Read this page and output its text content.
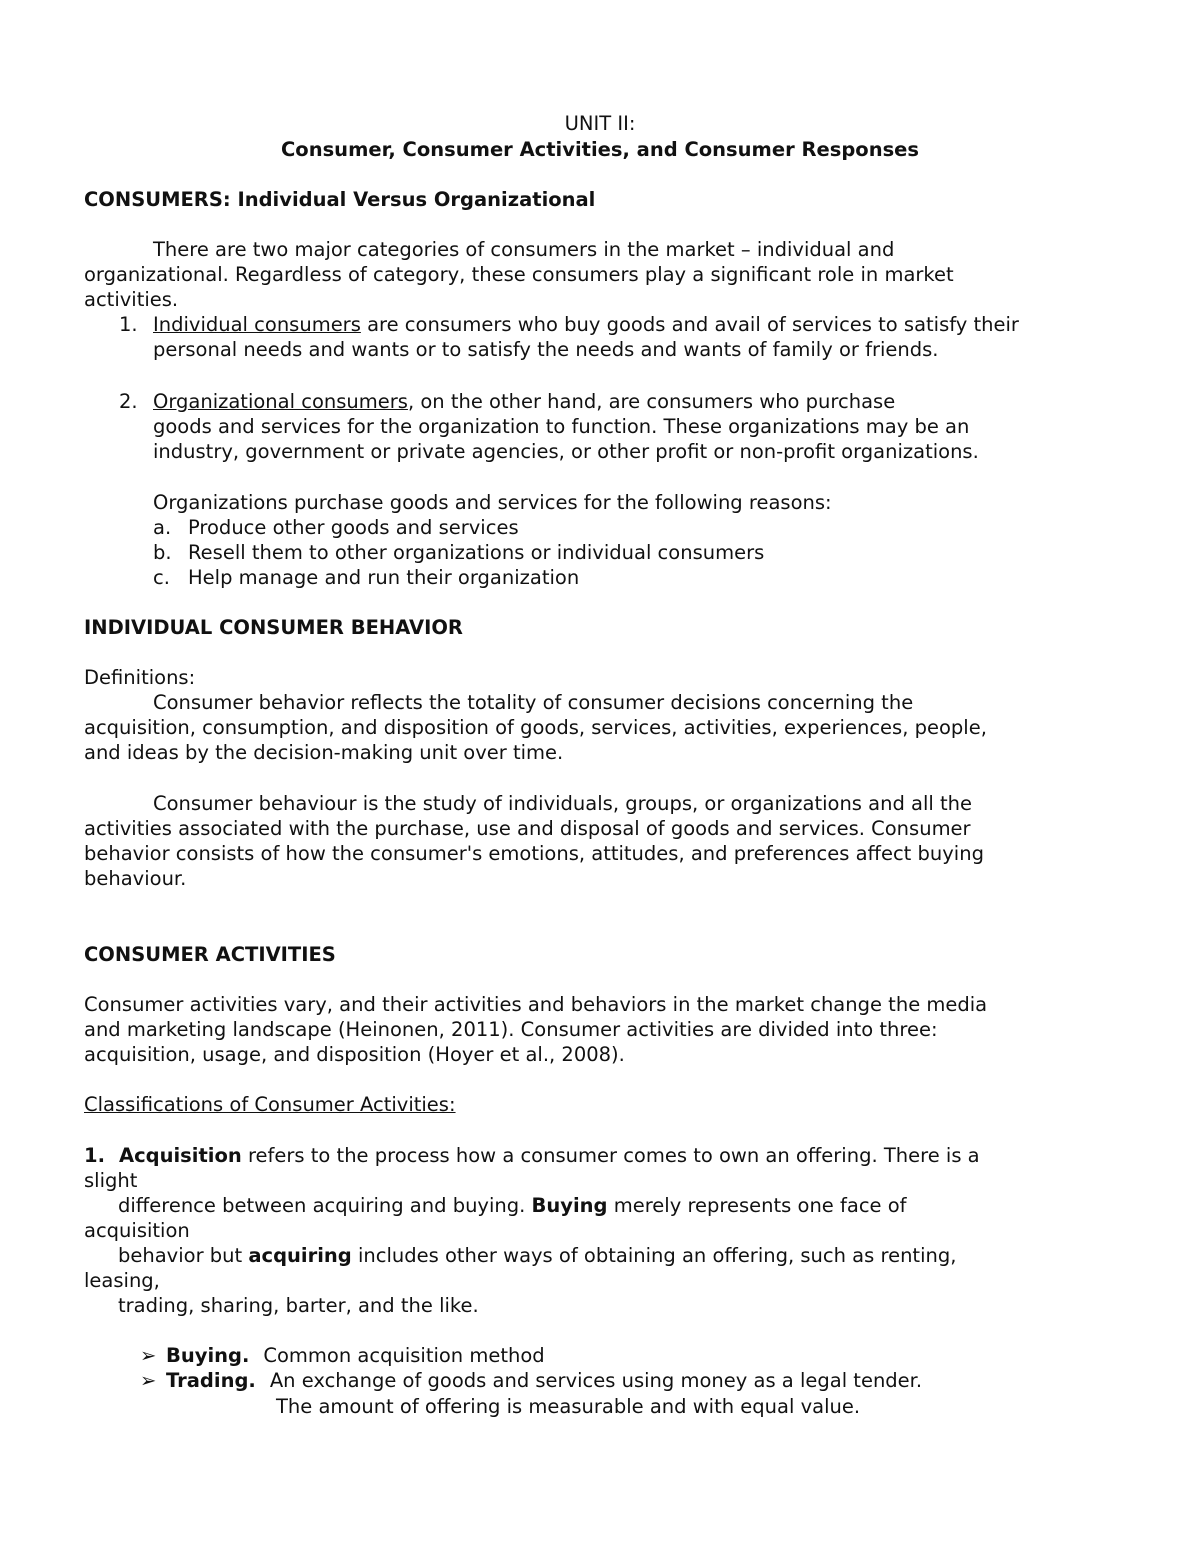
UNIT II:

Consumer, Consumer Activities, and Consumer Responses

CONSUMERS: Individual Versus Organizational

There are two major categories of consumers in the market – individual and

organizational. Regardless of category, these consumers play a significant role in market

activities.

1. Individual consumers are consumers who buy goods and avail of services to satisfy their

personal needs and wants or to satisfy the needs and wants of family or friends.

2. Organizational consumers, on the other hand, are consumers who purchase

goods and services for the organization to function. These organizations may be an

industry, government or private agencies, or other profit or non-profit organizations.

Organizations purchase goods and services for the following reasons:

a. Produce other goods and services

b. Resell them to other organizations or individual consumers

c. Help manage and run their organization

INDIVIDUAL CONSUMER BEHAVIOR

Definitions:

Consumer behavior reflects the totality of consumer decisions concerning the

acquisition, consumption, and disposition of goods, services, activities, experiences, people,

and ideas by the decision-making unit over time.

Consumer behaviour is the study of individuals, groups, or organizations and all the

activities associated with the purchase, use and disposal of goods and services. Consumer

behavior consists of how the consumer's emotions, attitudes, and preferences affect buying

behaviour.

CONSUMER ACTIVITIES

Consumer activities vary, and their activities and behaviors in the market change the media

and marketing landscape (Heinonen, 2011). Consumer activities are divided into three:

acquisition, usage, and disposition (Hoyer et al., 2008).

Classifications of Consumer Activities:

1. Acquisition refers to the process how a consumer comes to own an offering. There is a

slight

difference between acquiring and buying. Buying merely represents one face of

acquisition

behavior but acquiring includes other ways of obtaining an offering, such as renting,

leasing,

trading, sharing, barter, and the like.

➢ Buying. Common acquisition method

➢ Trading. An exchange of goods and services using money as a legal tender.

The amount of offering is measurable and with equal value.
